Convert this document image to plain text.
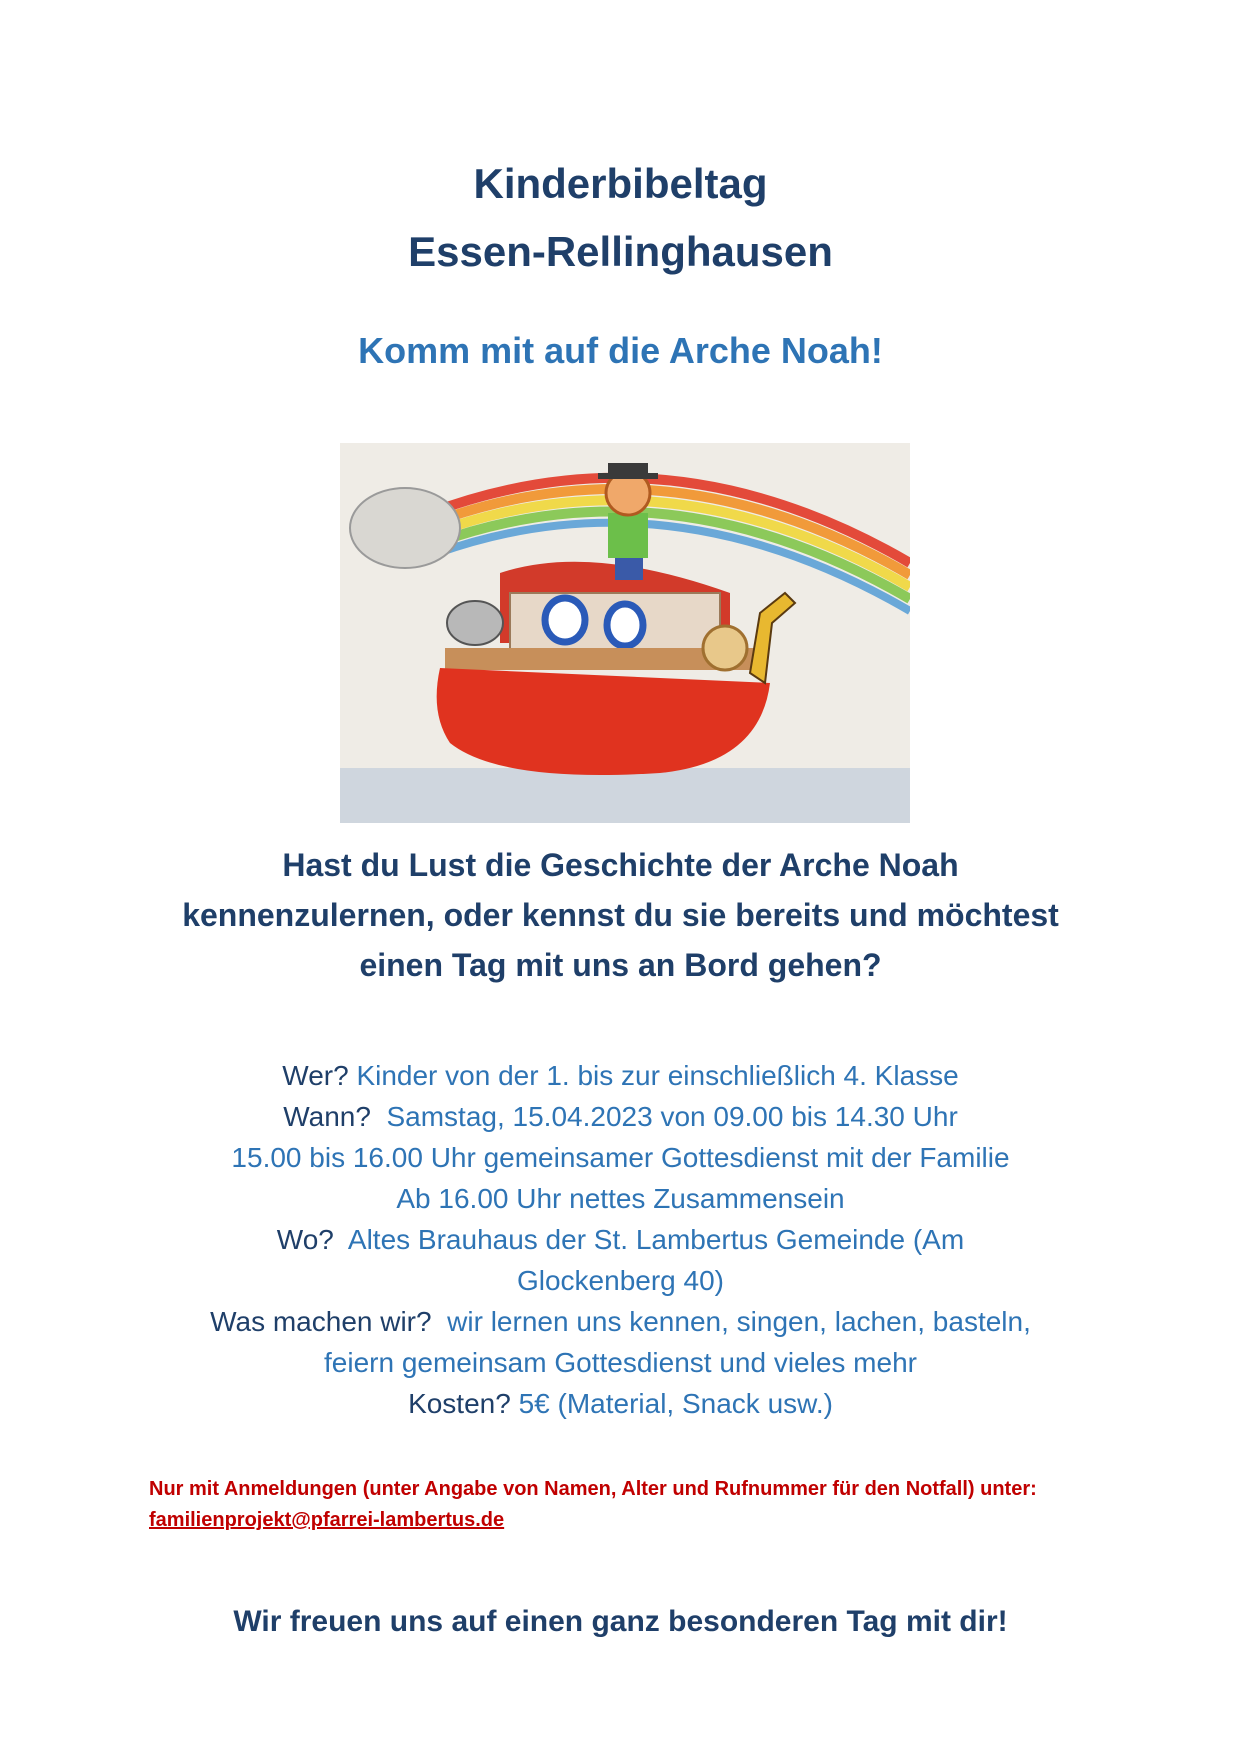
Kinderbibeltag
Essen-Rellinghausen
Komm mit auf die Arche Noah!
Hast du Lust die Geschichte der Arche Noah
kennenzulernen, oder kennst du sie bereits und möchtest
einen Tag mit uns an Bord gehen?
Wer? Kinder von der 1. bis zur einschließlich 4. Klasse
Wann? Samstag, 15.04.2023 von 09.00 bis 14.30 Uhr
15.00 bis 16.00 Uhr gemeinsamer Gottesdienst mit der Familie
Ab 16.00 Uhr nettes Zusammensein
Wo? Altes Brauhaus der St. Lambertus Gemeinde (Am
Glockenberg 40)
Was machen wir? wir lernen uns kennen, singen, lachen, basteln,
feiern gemeinsam Gottesdienst und vieles mehr
Kosten? 5€ (Material, Snack usw.)
Nur mit Anmeldungen (unter Angabe von Namen, Alter und Rufnummer für den Notfall) unter:
familienprojekt@pfarrei-lambertus.de
Wir freuen uns auf einen ganz besonderen Tag mit dir!
